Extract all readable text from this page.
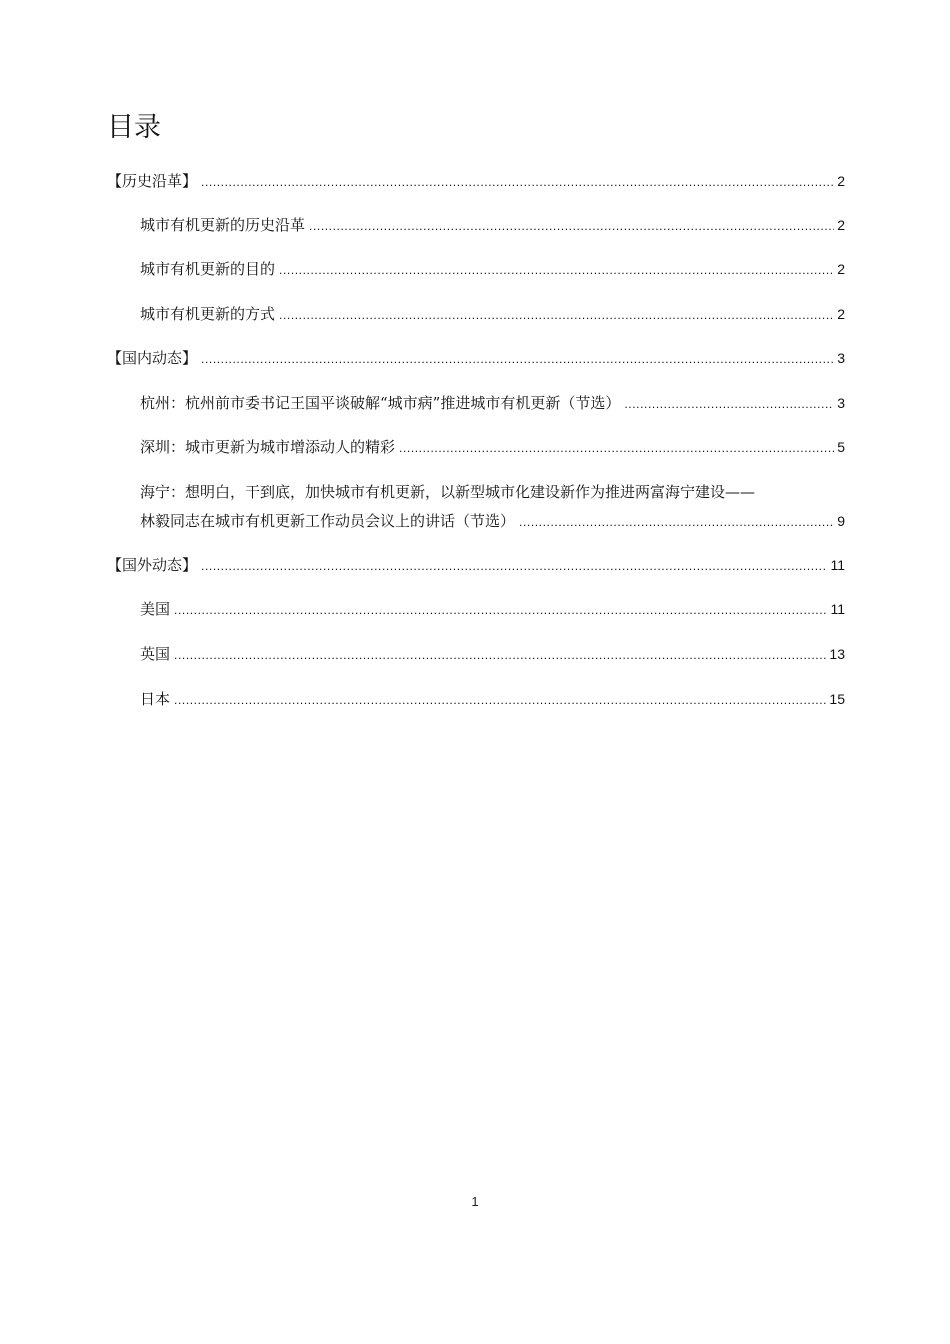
目录
【历史沿革】 .....	2
城市有机更新的历史沿革 .....	2
城市有机更新的目的 .....	2
城市有机更新的方式 .....	2
【国内动态】 .....	3
杭州：杭州前市委书记王国平谈破解“城市病”推进城市有机更新（节选） .....	3
深圳：城市更新为城市增添动人的精彩 .....	5
海宁：想明白，干到底，加快城市有机更新，以新型城市化建设新作为推进两富海宁建设——
林毅同志在城市有机更新工作动员会议上的讲话（节选） .....	9
【国外动态】 .....	11
美国 .....	11
英国 .....	13
日本 .....	15
1
